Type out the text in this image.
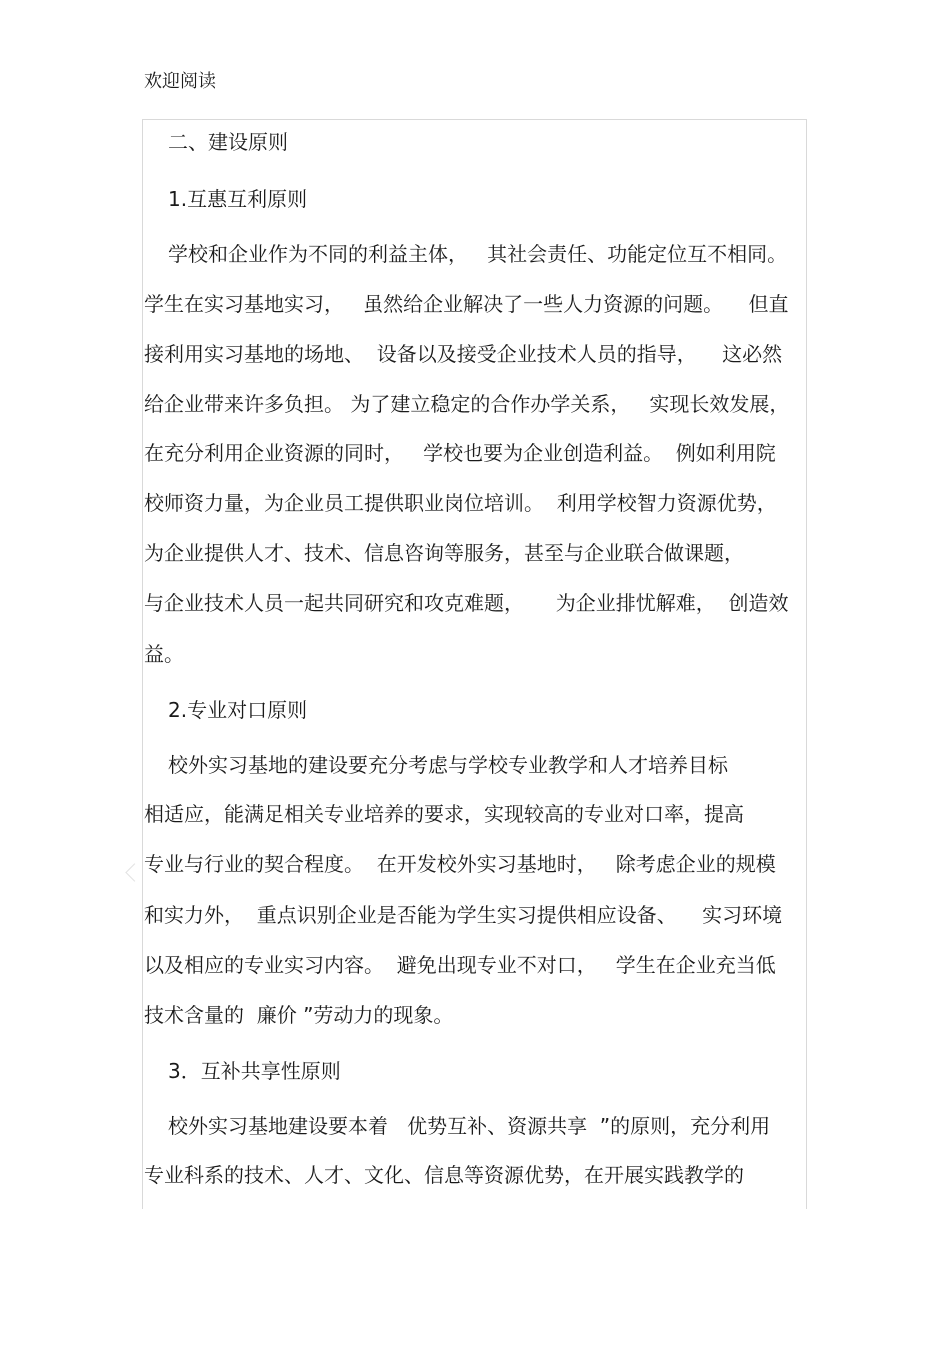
欢迎阅读
二、建设原则
1.互惠互利原则
学校和企业作为不同的利益主体，   其社会责任、功能定位互不相同。
学生在实习基地实习，   虽然给企业解决了一些人力资源的问题。    但直
接利用实习基地的场地、  设备以及接受企业技术人员的指导，    这必然
给企业带来许多负担。 为了建立稳定的合作办学关系，   实现长效发展，
在充分利用企业资源的同时，   学校也要为企业创造利益。  例如利用院
校师资力量，为企业员工提供职业岗位培训。  利用学校智力资源优势，
为企业提供人才、技术、信息咨询等服务，甚至与企业联合做课题，
与企业技术人员一起共同研究和攻克难题，     为企业排忧解难，  创造效
益。
2.专业对口原则
校外实习基地的建设要充分考虑与学校专业教学和人才培养目标
相适应，能满足相关专业培养的要求，实现较高的专业对口率，提高
专业与行业的契合程度。  在开发校外实习基地时，   除考虑企业的规模
和实力外，  重点识别企业是否能为学生实习提供相应设备、    实习环境
以及相应的专业实习内容。  避免出现专业不对口，   学生在企业充当低
技术含量的  廉价 ”劳动力的现象。
3．互补共享性原则
校外实习基地建设要本着   优势互补、资源共享  ”的原则，充分利用
专业科系的技术、人才、文化、信息等资源优势，在开展实践教学的
